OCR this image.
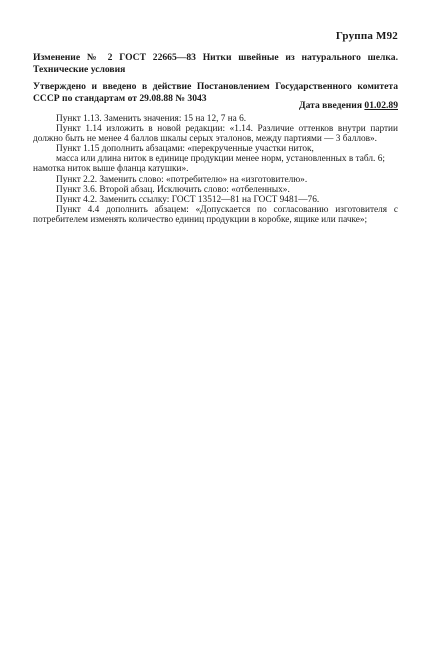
Группа М92
Изменение № 2 ГОСТ 22665—83 Нитки швейные из натурального шелка. Технические условия
Утверждено и введено в действие Постановлением Государственного комитета СССР по стандартам от 29.08.88 № 3043
Дата введения 01.02.89

Пункт 1.13. Заменить значения: 15 на 12, 7 на 6.

Пункт 1.14 изложить в новой редакции: «1.14. Различие оттенков внутри партии должно быть не менее 4 баллов шкалы серых эталонов, между партиями — 3 баллов».

Пункт 1.15 дополнить абзацами: «перекрученные участки ниток,

масса или длина ниток в единице продукции менее норм, установленных в табл. 6;

намотка ниток выше фланца катушки».

Пункт 2.2. Заменить слово: «потребителю» на «изготовителю».

Пункт 3.6. Второй абзац. Исключить слово: «отбеленных».

Пункт 4.2. Заменить ссылку: ГОСТ 13512—81 на ГОСТ 9481—76.

Пункт 4.4 дополнить абзацем: «Допускается по согласованию изготовителя с потребителем изменять количество единиц продукции в коробке, ящике или пачке»;
